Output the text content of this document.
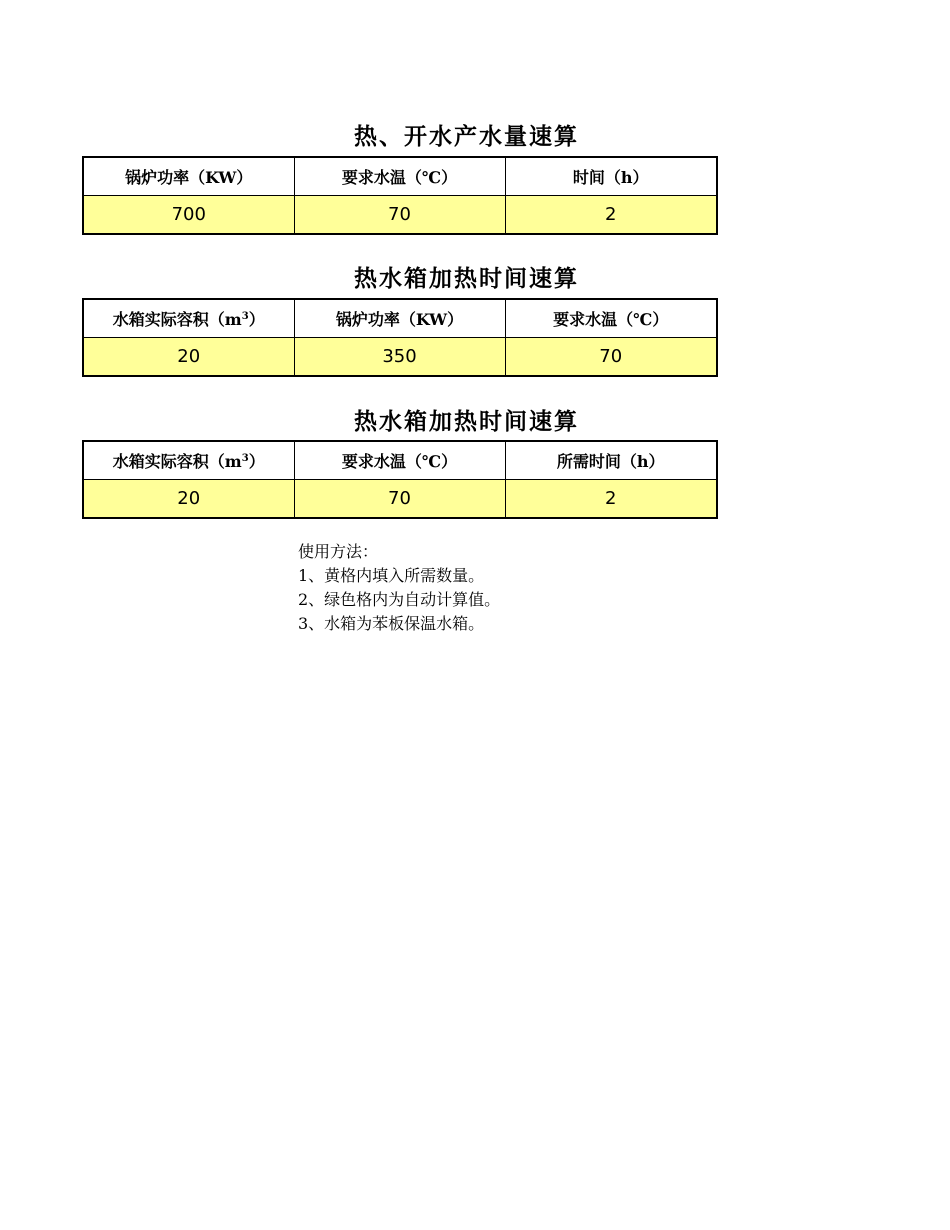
热、开水产水量速算
锅炉功率（KW）	要求水温（℃）	时间（h）
700	70	2
热水箱加热时间速算
水箱实际容积$(m^3)$	锅炉功率（KW）	要求水温（℃）
20	350	70
热水箱加热时间速算
水箱实际容积$(m^3)$	要求水温（℃）	所需时间（h）
20	70	2
使用方法：
1、黄格内填入所需数量。
2、绿色格内为自动计算值。
3、水箱为苯板保温水箱。
